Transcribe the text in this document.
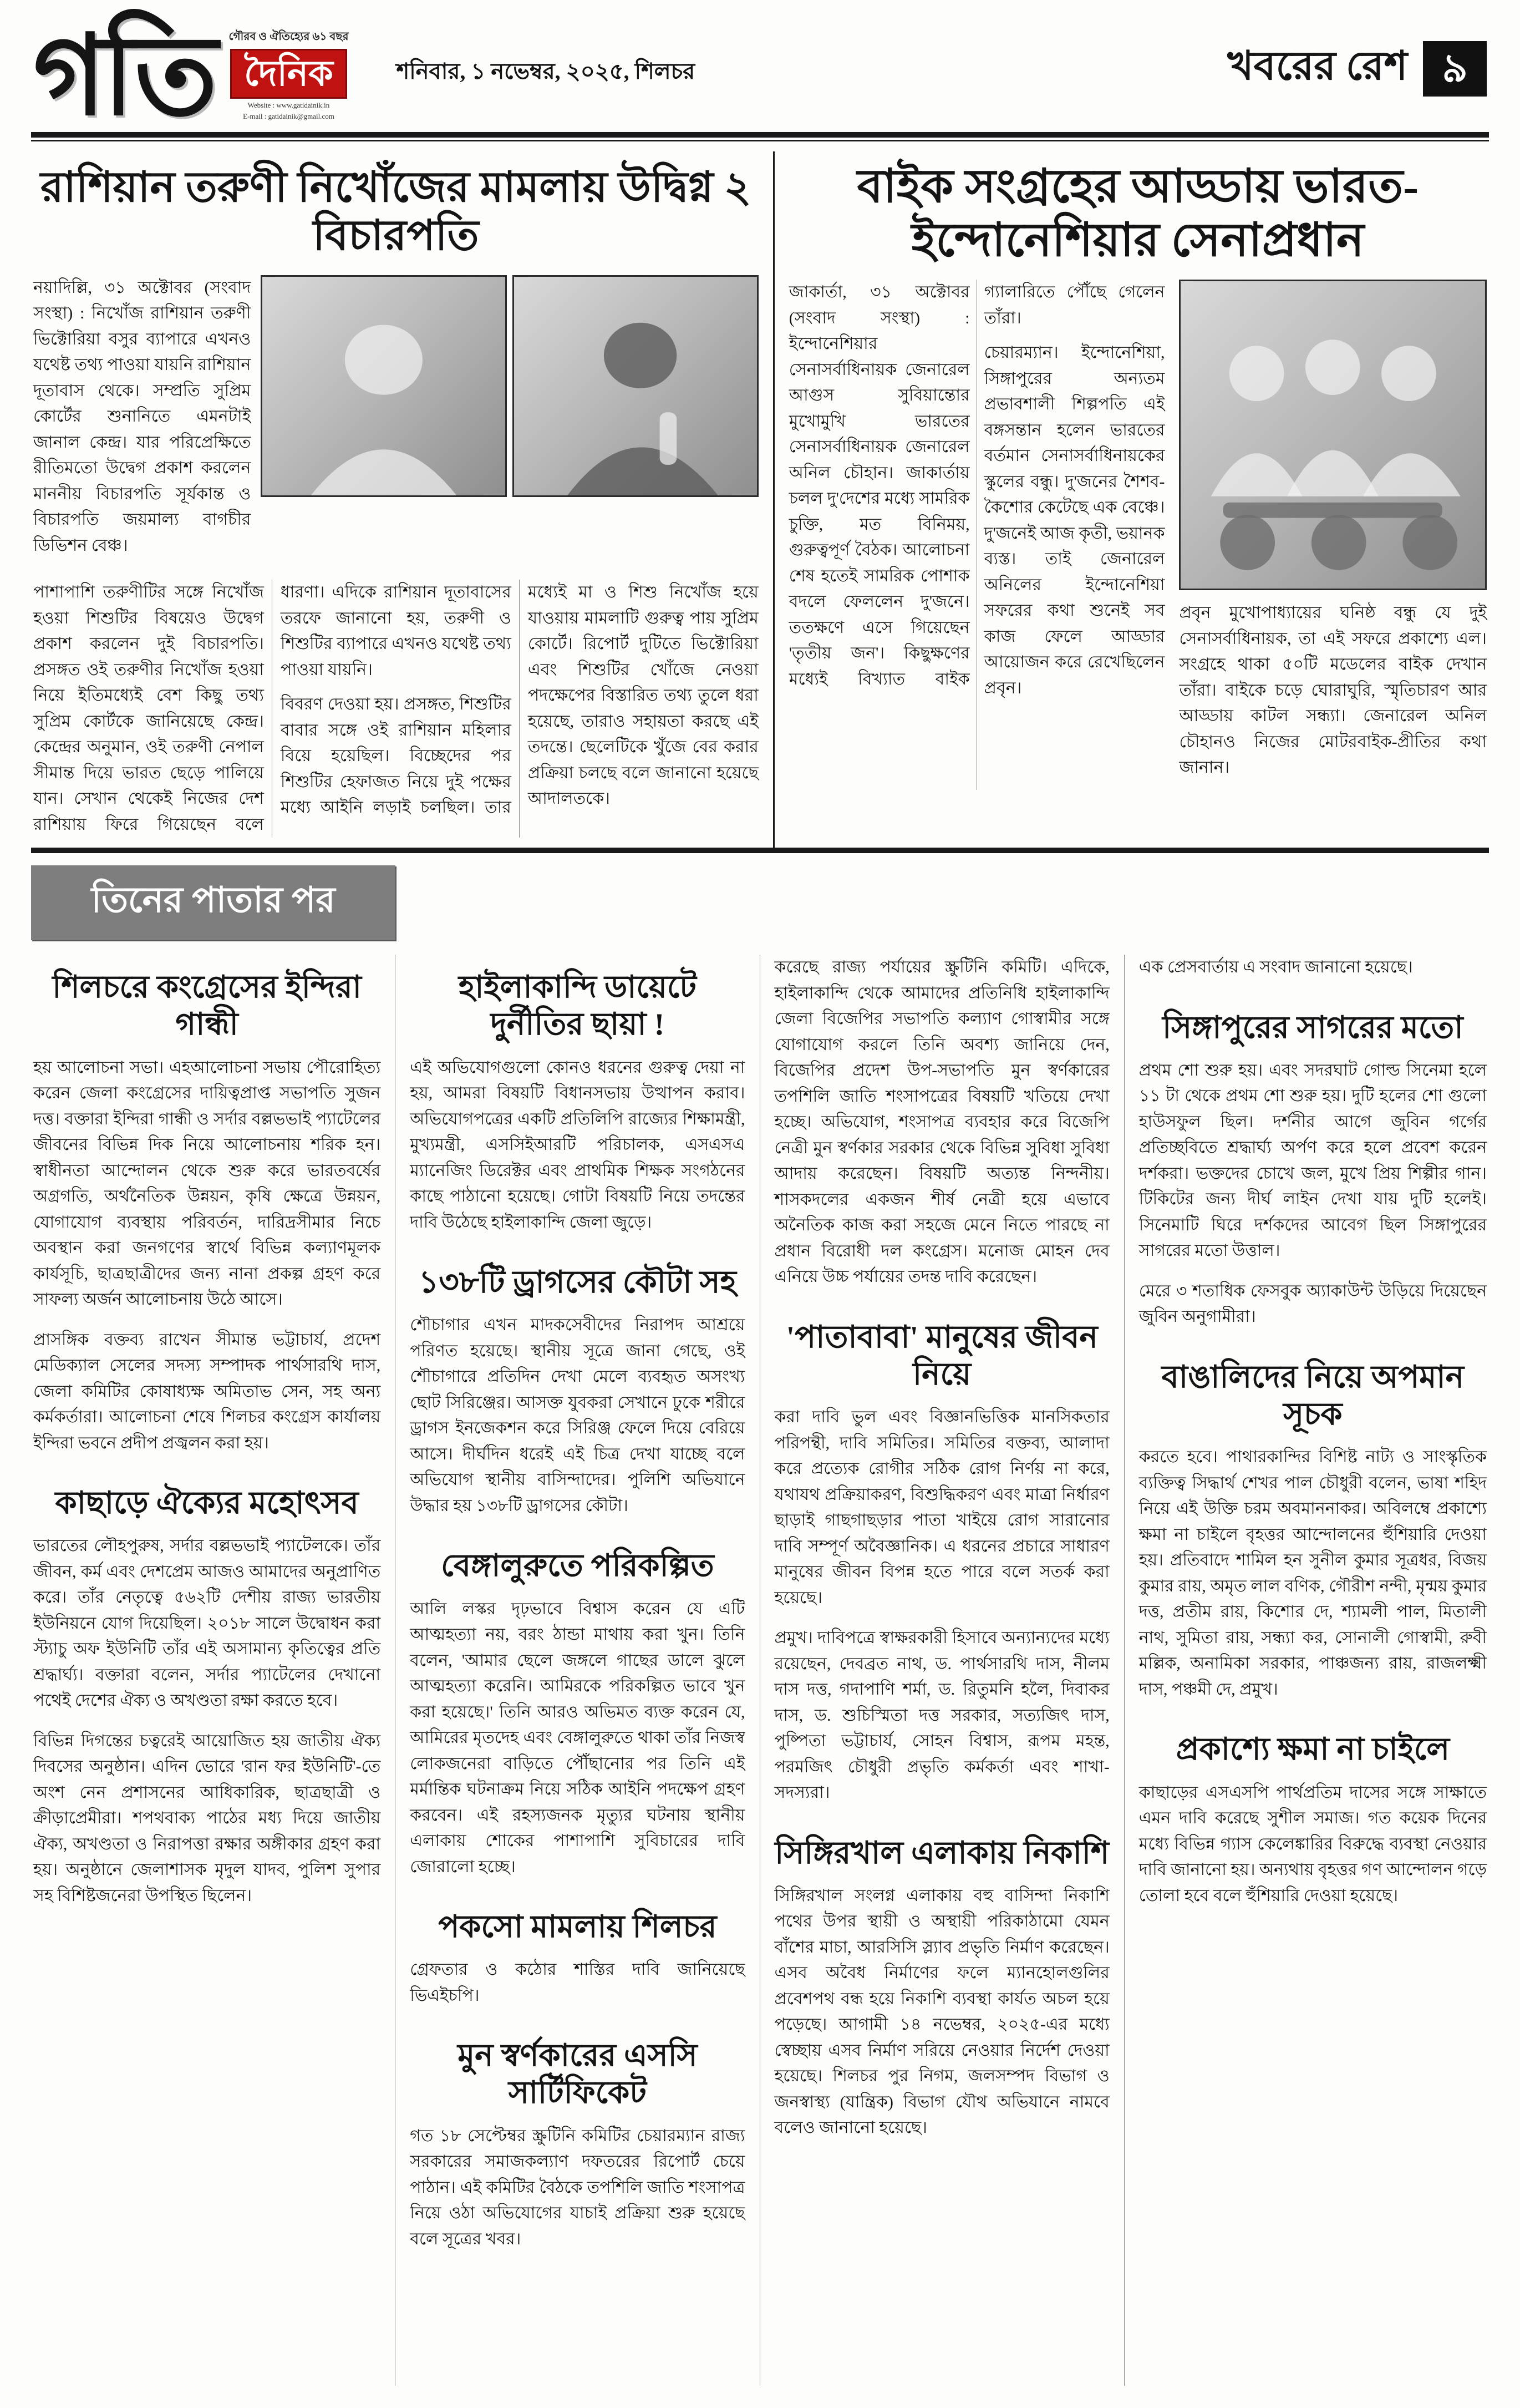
গতি গৌরব ও ঐতিহ্যের ৬১ বছর
দৈনিক
Website : www.gatidainik.in
E-mail : gatidainik@gmail.com
শনিবার, ১ নভেম্বর, ২০২৫, শিলচর	খবরের রেশ ৯
রাশিয়ান তরুণী নিখোঁজের মামলায় উদ্বিগ্ন ২ বিচারপতি

নয়াদিল্লি, ৩১ অক্টোবর (সংবাদ সংস্থা) : নিখোঁজ রাশিয়ান তরুণী ভিক্টোরিয়া বসুর ব্যাপারে এখনও যথেষ্ট তথ্য পাওয়া যায়নি রাশিয়ান দূতাবাস থেকে। সম্প্রতি সুপ্রিম কোর্টের শুনানিতে এমনটাই জানাল কেন্দ্র। যার পরিপ্রেক্ষিতে রীতিমতো উদ্বেগ প্রকাশ করলেন মাননীয় বিচারপতি সূর্যকান্ত ও বিচারপতি জয়মাল্য বাগচীর ডিভিশন বেঞ্চ।

পাশাপাশি তরুণীটির সঙ্গে নিখোঁজ হওয়া শিশুটির বিষয়েও উদ্বেগ প্রকাশ করলেন দুই বিচারপতি। প্রসঙ্গত ওই তরুণীর নিখোঁজ হওয়া নিয়ে ইতিমধ্যেই বেশ কিছু তথ্য সুপ্রিম কোর্টকে জানিয়েছে কেন্দ্র। কেন্দ্রের অনুমান, ওই তরুণী নেপাল সীমান্ত দিয়ে ভারত ছেড়ে পালিয়ে যান। সেখান থেকেই নিজের দেশ রাশিয়ায় ফিরে গিয়েছেন বলে ধারণা। এদিকে রাশিয়ান দূতাবাসের তরফে জানানো হয়, তরুণী ও শিশুটির ব্যাপারে এখনও যথেষ্ট তথ্য পাওয়া যায়নি।

বিবরণ দেওয়া হয়। প্রসঙ্গত, শিশুটির বাবার সঙ্গে ওই রাশিয়ান মহিলার বিয়ে হয়েছিল। বিচ্ছেদের পর শিশুটির হেফাজত নিয়ে দুই পক্ষের মধ্যে আইনি লড়াই চলছিল। তার মধ্যেই মা ও শিশু নিখোঁজ হয়ে যাওয়ায় মামলাটি গুরুত্ব পায় সুপ্রিম কোর্টে। রিপোর্ট দুটিতে ভিক্টোরিয়া এবং শিশুটির খোঁজে নেওয়া পদক্ষেপের বিস্তারিত তথ্য তুলে ধরা হয়েছে, তারাও সহায়তা করছে এই তদন্তে। ছেলেটিকে খুঁজে বের করার প্রক্রিয়া চলছে বলে জানানো হয়েছে আদালতকে।

বাইক সংগ্রহের আড্ডায় ভারত-
ইন্দোনেশিয়ার সেনাপ্রধান

জাকার্তা, ৩১ অক্টোবর (সংবাদ সংস্থা) : ইন্দোনেশিয়ার সেনাসর্বাধিনায়ক জেনারেল আগুস সুবিয়ান্তোর মুখোমুখি ভারতের সেনাসর্বাধিনায়ক জেনারেল অনিল চৌহান। জাকার্তায় চলল দু'দেশের মধ্যে সামরিক চুক্তি, মত বিনিময়, গুরুত্বপূর্ণ বৈঠক। আলোচনা শেষ হতেই সামরিক পোশাক বদলে ফেললেন দু'জনে। ততক্ষণে এসে গিয়েছেন 'তৃতীয় জন'। কিছুক্ষণের মধ্যেই বিখ্যাত বাইক গ্যালারিতে পৌঁছে গেলেন তাঁরা।

চেয়ারম্যান। ইন্দোনেশিয়া, সিঙ্গাপুরের অন্যতম প্রভাবশালী শিল্পপতি এই বঙ্গসন্তান হলেন ভারতের বর্তমান সেনাসর্বাধিনায়কের স্কুলের বন্ধু। দু'জনের শৈশব-কৈশোর কেটেছে এক বেঞ্চে। দু'জনেই আজ কৃতী, ভয়ানক ব্যস্ত। তাই জেনারেল অনিলের ইন্দোনেশিয়া সফরের কথা শুনেই সব কাজ ফেলে আড্ডার আয়োজন করে রেখেছিলেন প্রবৃন।

প্রবৃন মুখোপাধ্যায়ের ঘনিষ্ঠ বন্ধু যে দুই সেনাসর্বাধিনায়ক, তা এই সফরে প্রকাশ্যে এল। সংগ্রহে থাকা ৫০টি মডেলের বাইক দেখান তাঁরা। বাইকে চড়ে ঘোরাঘুরি, স্মৃতিচারণ আর আড্ডায় কাটল সন্ধ্যা। জেনারেল অনিল চৌহানও নিজের মোটরবাইক-প্রীতির কথা জানান।

তিনের পাতার পর
শিলচরে কংগ্রেসের ইন্দিরা গান্ধী

হয় আলোচনা সভা। এহআলোচনা সভায় পৌরোহিত্য করেন জেলা কংগ্রেসের দায়িত্বপ্রাপ্ত সভাপতি সুজন দত্ত। বক্তারা ইন্দিরা গান্ধী ও সর্দার বল্লভভাই প্যাটেলের জীবনের বিভিন্ন দিক নিয়ে আলোচনায় শরিক হন। স্বাধীনতা আন্দোলন থেকে শুরু করে ভারতবর্ষের অগ্রগতি, অর্থনৈতিক উন্নয়ন, কৃষি ক্ষেত্রে উন্নয়ন, যোগাযোগ ব্যবস্থায় পরিবর্তন, দারিদ্রসীমার নিচে অবস্থান করা জনগণের স্বার্থে বিভিন্ন কল্যাণমূলক কার্যসূচি, ছাত্রছাত্রীদের জন্য নানা প্রকল্প গ্রহণ করে সাফল্য অর্জন আলোচনায় উঠে আসে।

প্রাসঙ্গিক বক্তব্য রাখেন সীমান্ত ভট্টাচার্য, প্রদেশ মেডিক্যাল সেলের সদস্য সম্পাদক পার্থসারথি দাস, জেলা কমিটির কোষাধ্যক্ষ অমিতাভ সেন, সহ অন্য কর্মকর্তারা। আলোচনা শেষে শিলচর কংগ্রেস কার্যালয় ইন্দিরা ভবনে প্রদীপ প্রজ্বলন করা হয়।

কাছাড়ে ঐক্যের মহোৎসব

ভারতের লৌহপুরুষ, সর্দার বল্লভভাই প্যাটেলকে। তাঁর জীবন, কর্ম এবং দেশপ্রেম আজও আমাদের অনুপ্রাণিত করে। তাঁর নেতৃত্বে ৫৬২টি দেশীয় রাজ্য ভারতীয় ইউনিয়নে যোগ দিয়েছিল। ২০১৮ সালে উদ্বোধন করা স্ট্যাচু অফ ইউনিটি তাঁর এই অসামান্য কৃতিত্বের প্রতি শ্রদ্ধার্ঘ্য। বক্তারা বলেন, সর্দার প্যাটেলের দেখানো পথেই দেশের ঐক্য ও অখণ্ডতা রক্ষা করতে হবে।

বিভিন্ন দিগন্তের চত্বরেই আয়োজিত হয় জাতীয় ঐক্য দিবসের অনুষ্ঠান। এদিন ভোরে 'রান ফর ইউনিটি'-তে অংশ নেন প্রশাসনের আধিকারিক, ছাত্রছাত্রী ও ক্রীড়াপ্রেমীরা। শপথবাক্য পাঠের মধ্য দিয়ে জাতীয় ঐক্য, অখণ্ডতা ও নিরাপত্তা রক্ষার অঙ্গীকার গ্রহণ করা হয়। অনুষ্ঠানে জেলাশাসক মৃদুল যাদব, পুলিশ সুপার সহ বিশিষ্টজনেরা উপস্থিত ছিলেন।

হাইলাকান্দি ডায়েটে দুর্নীতির ছায়া !

এই অভিযোগগুলো কোনও ধরনের গুরুত্ব দেয়া না হয়, আমরা বিষয়টি বিধানসভায় উত্থাপন করাব। অভিযোগপত্রের একটি প্রতিলিপি রাজ্যের শিক্ষামন্ত্রী, মুখ্যমন্ত্রী, এসসিইআরটি পরিচালক, এসএসএ ম্যানেজিং ডিরেক্টর এবং প্রাথমিক শিক্ষক সংগঠনের কাছে পাঠানো হয়েছে। গোটা বিষয়টি নিয়ে তদন্তের দাবি উঠেছে হাইলাকান্দি জেলা জুড়ে।

১৩৮টি ড্রাগসের কৌটা সহ

শৌচাগার এখন মাদকসেবীদের নিরাপদ আশ্রয়ে পরিণত হয়েছে। স্থানীয় সূত্রে জানা গেছে, ওই শৌচাগারে প্রতিদিন দেখা মেলে ব্যবহৃত অসংখ্য ছোট সিরিঞ্জের। আসক্ত যুবকরা সেখানে ঢুকে শরীরে ড্রাগস ইনজেকশন করে সিরিঞ্জ ফেলে দিয়ে বেরিয়ে আসে। দীর্ঘদিন ধরেই এই চিত্র দেখা যাচ্ছে বলে অভিযোগ স্থানীয় বাসিন্দাদের। পুলিশি অভিযানে উদ্ধার হয় ১৩৮টি ড্রাগসের কৌটা।

বেঙ্গালুরুতে পরিকল্পিত

আলি লস্কর দৃঢ়ভাবে বিশ্বাস করেন যে এটি আত্মহত্যা নয়, বরং ঠান্ডা মাথায় করা খুন। তিনি বলেন, 'আমার ছেলে জঙ্গলে গাছের ডালে ঝুলে আত্মহত্যা করেনি। আমিরকে পরিকল্পিত ভাবে খুন করা হয়েছে।' তিনি আরও অভিমত ব্যক্ত করেন যে, আমিরের মৃতদেহ এবং বেঙ্গালুরুতে থাকা তাঁর নিজস্ব লোকজনেরা বাড়িতে পৌঁছানোর পর তিনি এই মর্মান্তিক ঘটনাক্রম নিয়ে সঠিক আইনি পদক্ষেপ গ্রহণ করবেন। এই রহস্যজনক মৃত্যুর ঘটনায় স্থানীয় এলাকায় শোকের পাশাপাশি সুবিচারের দাবি জোরালো হচ্ছে।

পকসো মামলায় শিলচর

গ্রেফতার ও কঠোর শাস্তির দাবি জানিয়েছে ভিএইচপি।

মুন স্বর্ণকারের এসসি সার্টিফিকেট

গত ১৮ সেপ্টেম্বর স্ক্রুটিনি কমিটির চেয়ারম্যান রাজ্য সরকারের সমাজকল্যাণ দফতরের রিপোর্ট চেয়ে পাঠান। এই কমিটির বৈঠকে তপশিলি জাতি শংসাপত্র নিয়ে ওঠা অভিযোগের যাচাই প্রক্রিয়া শুরু হয়েছে বলে সূত্রের খবর।

করেছে রাজ্য পর্যায়ের স্ক্রুটিনি কমিটি। এদিকে, হাইলাকান্দি থেকে আমাদের প্রতিনিধি হাইলাকান্দি জেলা বিজেপির সভাপতি কল্যাণ গোস্বামীর সঙ্গে যোগাযোগ করলে তিনি অবশ্য জানিয়ে দেন, বিজেপির প্রদেশ উপ-সভাপতি মুন স্বর্ণকারের তপশিলি জাতি শংসাপত্রের বিষয়টি খতিয়ে দেখা হচ্ছে। অভিযোগ, শংসাপত্র ব্যবহার করে বিজেপি নেত্রী মুন স্বর্ণকার সরকার থেকে বিভিন্ন সুবিধা সুবিধা আদায় করেছেন। বিষয়টি অত্যন্ত নিন্দনীয়। শাসকদলের একজন শীর্ষ নেত্রী হয়ে এভাবে অনৈতিক কাজ করা সহজে মেনে নিতে পারছে না প্রধান বিরোধী দল কংগ্রেস। মনোজ মোহন দেব এনিয়ে উচ্চ পর্যায়ের তদন্ত দাবি করেছেন।

'পাতাবাবা' মানুষের জীবন নিয়ে

করা দাবি ভুল এবং বিজ্ঞানভিত্তিক মানসিকতার পরিপন্থী, দাবি সমিতির। সমিতির বক্তব্য, আলাদা করে প্রত্যেক রোগীর সঠিক রোগ নির্ণয় না করে, যথাযথ প্রক্রিয়াকরণ, বিশুদ্ধিকরণ এবং মাত্রা নির্ধারণ ছাড়াই গাছগাছড়ার পাতা খাইয়ে রোগ সারানোর দাবি সম্পূর্ণ অবৈজ্ঞানিক। এ ধরনের প্রচারে সাধারণ মানুষের জীবন বিপন্ন হতে পারে বলে সতর্ক করা হয়েছে।

প্রমুখ। দাবিপত্রে স্বাক্ষরকারী হিসাবে অন্যান্যদের মধ্যে রয়েছেন, দেবব্রত নাথ, ড. পার্থসারথি দাস, নীলম দাস দত্ত, গদাপাণি শর্মা, ড. রিতুমনি হলৈ, দিবাকর দাস, ড. শুচিস্মিতা দত্ত সরকার, সত্যজিৎ দাস, পুষ্পিতা ভট্টাচার্য, সোহন বিশ্বাস, রূপম মহন্ত, পরমজিৎ চৌধুরী প্রভৃতি কর্মকর্তা এবং শাখা-সদস্যরা।

সিঙ্গিরখাল এলাকায় নিকাশি

সিঙ্গিরখাল সংলগ্ন এলাকায় বহু বাসিন্দা নিকাশি পথের উপর স্থায়ী ও অস্থায়ী পরিকাঠামো যেমন বাঁশের মাচা, আরসিসি স্ল্যাব প্রভৃতি নির্মাণ করেছেন। এসব অবৈধ নির্মাণের ফলে ম্যানহোলগুলির প্রবেশপথ বন্ধ হয়ে নিকাশি ব্যবস্থা কার্যত অচল হয়ে পড়েছে। আগামী ১৪ নভেম্বর, ২০২৫-এর মধ্যে স্বেচ্ছায় এসব নির্মাণ সরিয়ে নেওয়ার নির্দেশ দেওয়া হয়েছে। শিলচর পুর নিগম, জলসম্পদ বিভাগ ও জনস্বাস্থ্য (যান্ত্রিক) বিভাগ যৌথ অভিযানে নামবে বলেও জানানো হয়েছে।

এক প্রেসবার্তায় এ সংবাদ জানানো হয়েছে।

সিঙ্গাপুরের সাগরের মতো

প্রথম শো শুরু হয়। এবং সদরঘাট গোল্ড সিনেমা হলে ১১ টা থেকে প্রথম শো শুরু হয়। দুটি হলের শো গুলো হাউসফুল ছিল। দর্শনীর আগে জুবিন গর্গের প্রতিচ্ছবিতে শ্রদ্ধার্ঘ্য অর্পণ করে হলে প্রবেশ করেন দর্শকরা। ভক্তদের চোখে জল, মুখে প্রিয় শিল্পীর গান। টিকিটের জন্য দীর্ঘ লাইন দেখা যায় দুটি হলেই। সিনেমাটি ঘিরে দর্শকদের আবেগ ছিল সিঙ্গাপুরের সাগরের মতো উত্তাল।

মেরে ৩ শতাধিক ফেসবুক অ্যাকাউন্ট উড়িয়ে দিয়েছেন জুবিন অনুগামীরা।

বাঙালিদের নিয়ে অপমান সূচক

করতে হবে। পাথারকান্দির বিশিষ্ট নাট্য ও সাংস্কৃতিক ব্যক্তিত্ব সিদ্ধার্থ শেখর পাল চৌধুরী বলেন, ভাষা শহিদ নিয়ে এই উক্তি চরম অবমাননাকর। অবিলম্বে প্রকাশ্যে ক্ষমা না চাইলে বৃহত্তর আন্দোলনের হুঁশিয়ারি দেওয়া হয়। প্রতিবাদে শামিল হন সুনীল কুমার সূত্রধর, বিজয় কুমার রায়, অমৃত লাল বণিক, গৌরীশ নন্দী, মৃন্ময় কুমার দত্ত, প্রতীম রায়, কিশোর দে, শ্যামলী পাল, মিতালী নাথ, সুমিতা রায়, সন্ধ্যা কর, সোনালী গোস্বামী, রুবী মল্লিক, অনামিকা সরকার, পাঞ্চজন্য রায়, রাজলক্ষ্মী দাস, পঞ্চমী দে, প্রমুখ।

প্রকাশ্যে ক্ষমা না চাইলে

কাছাড়ের এসএসপি পার্থপ্রতিম দাসের সঙ্গে সাক্ষাতে এমন দাবি করেছে সুশীল সমাজ। গত কয়েক দিনের মধ্যে বিভিন্ন গ্যাস কেলেঙ্কারির বিরুদ্ধে ব্যবস্থা নেওয়ার দাবি জানানো হয়। অন্যথায় বৃহত্তর গণ আন্দোলন গড়ে তোলা হবে বলে হুঁশিয়ারি দেওয়া হয়েছে।
